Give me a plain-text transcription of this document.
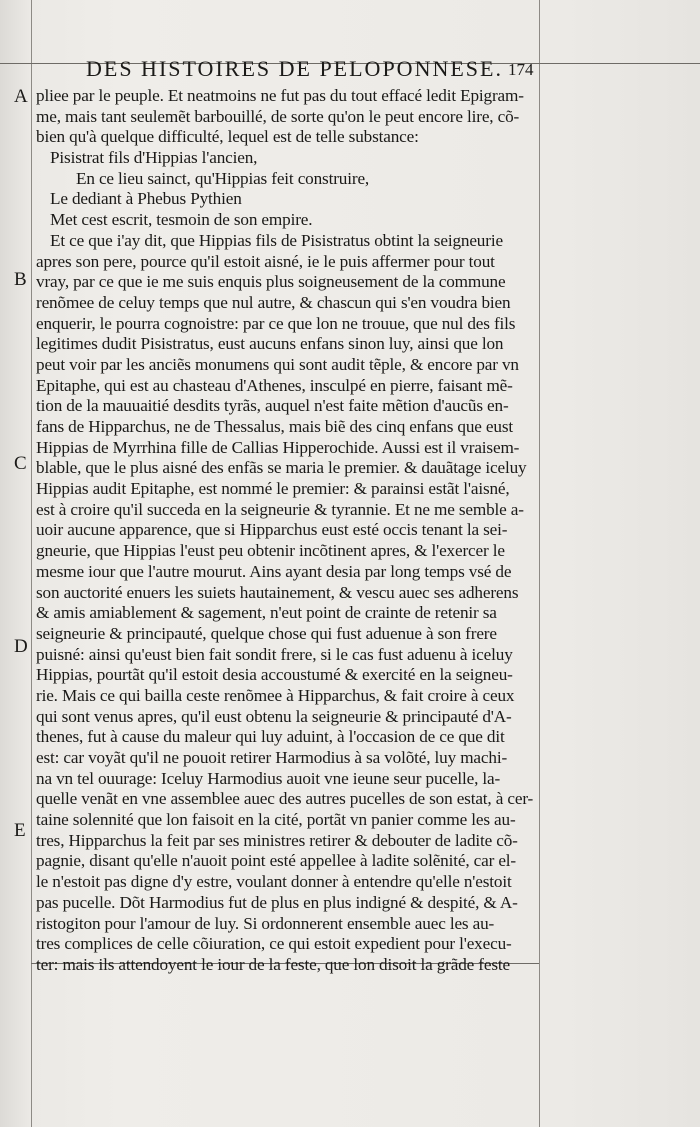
DES HISTOIRES DE PELOPONNESE. 174
A
B
C
D
E
pliee par le peuple. Et neatmoins ne fut pas du tout effacé ledit Epigram-
me, mais tant seulemẽt barbouillé, de sorte qu'on le peut encore lire, cõ-
bien qu'à quelque difficulté, lequel est de telle substance:
Pisistrat fils d'Hippias l'ancien,
En ce lieu sainct, qu'Hippias feit construire,
Le dediant à Phebus Pythien
Met cest escrit, tesmoin de son empire.
Et ce que i'ay dit, que Hippias fils de Pisistratus obtint la seigneurie
apres son pere, pource qu'il estoit aisné, ie le puis affermer pour tout
vray, par ce que ie me suis enquis plus soigneusement de la commune
renõmee de celuy temps que nul autre, & chascun qui s'en voudra bien
enquerir, le pourra cognoistre: par ce que lon ne trouue, que nul des fils
legitimes dudit Pisistratus, eust aucuns enfans sinon luy, ainsi que lon
peut voir par les anciẽs monumens qui sont audit tẽple, & encore par vn
Epitaphe, qui est au chasteau d'Athenes, insculpé en pierre, faisant mẽ-
tion de la mauuaitié desdits tyrãs, auquel n'est faite mẽtion d'aucũs en-
fans de Hipparchus, ne de Thessalus, mais biẽ des cinq enfans que eust
Hippias de Myrrhina fille de Callias Hipperochide. Aussi est il vraisem-
blable, que le plus aisné des enfãs se maria le premier. & dauãtage iceluy
Hippias audit Epitaphe, est nommé le premier: & parainsi estãt l'aisné,
est à croire qu'il succeda en la seigneurie & tyrannie. Et ne me semble a-
uoir aucune apparence, que si Hipparchus eust esté occis tenant la sei-
gneurie, que Hippias l'eust peu obtenir incõtinent apres, & l'exercer le
mesme iour que l'autre mourut. Ains ayant desia par long temps vsé de
son auctorité enuers les suiets hautainement, & vescu auec ses adherens
& amis amiablement & sagement, n'eut point de crainte de retenir sa
seigneurie & principauté, quelque chose qui fust aduenue à son frere
puisné: ainsi qu'eust bien fait sondit frere, si le cas fust aduenu à iceluy
Hippias, pourtãt qu'il estoit desia accoustumé & exercité en la seigneu-
rie. Mais ce qui bailla ceste renõmee à Hipparchus, & fait croire à ceux
qui sont venus apres, qu'il eust obtenu la seigneurie & principauté d'A-
thenes, fut à cause du maleur qui luy aduint, à l'occasion de ce que dit
est: car voyãt qu'il ne pouoit retirer Harmodius à sa volõté, luy machi-
na vn tel ouurage: Iceluy Harmodius auoit vne ieune seur pucelle, la-
quelle venãt en vne assemblee auec des autres pucelles de son estat, à cer-
taine solennité que lon faisoit en la cité, portãt vn panier comme les au-
tres, Hipparchus la feit par ses ministres retirer & debouter de ladite cõ-
pagnie, disant qu'elle n'auoit point esté appellee à ladite solẽnité, car el-
le n'estoit pas digne d'y estre, voulant donner à entendre qu'elle n'estoit
pas pucelle. Dõt Harmodius fut de plus en plus indigné & despité, & A-
ristogiton pour l'amour de luy. Si ordonnerent ensemble auec les au-
tres complices de celle cõiuration, ce qui estoit expedient pour l'execu-
ter: mais ils attendoyent le iour de la feste, que lon disoit la grãde feste
